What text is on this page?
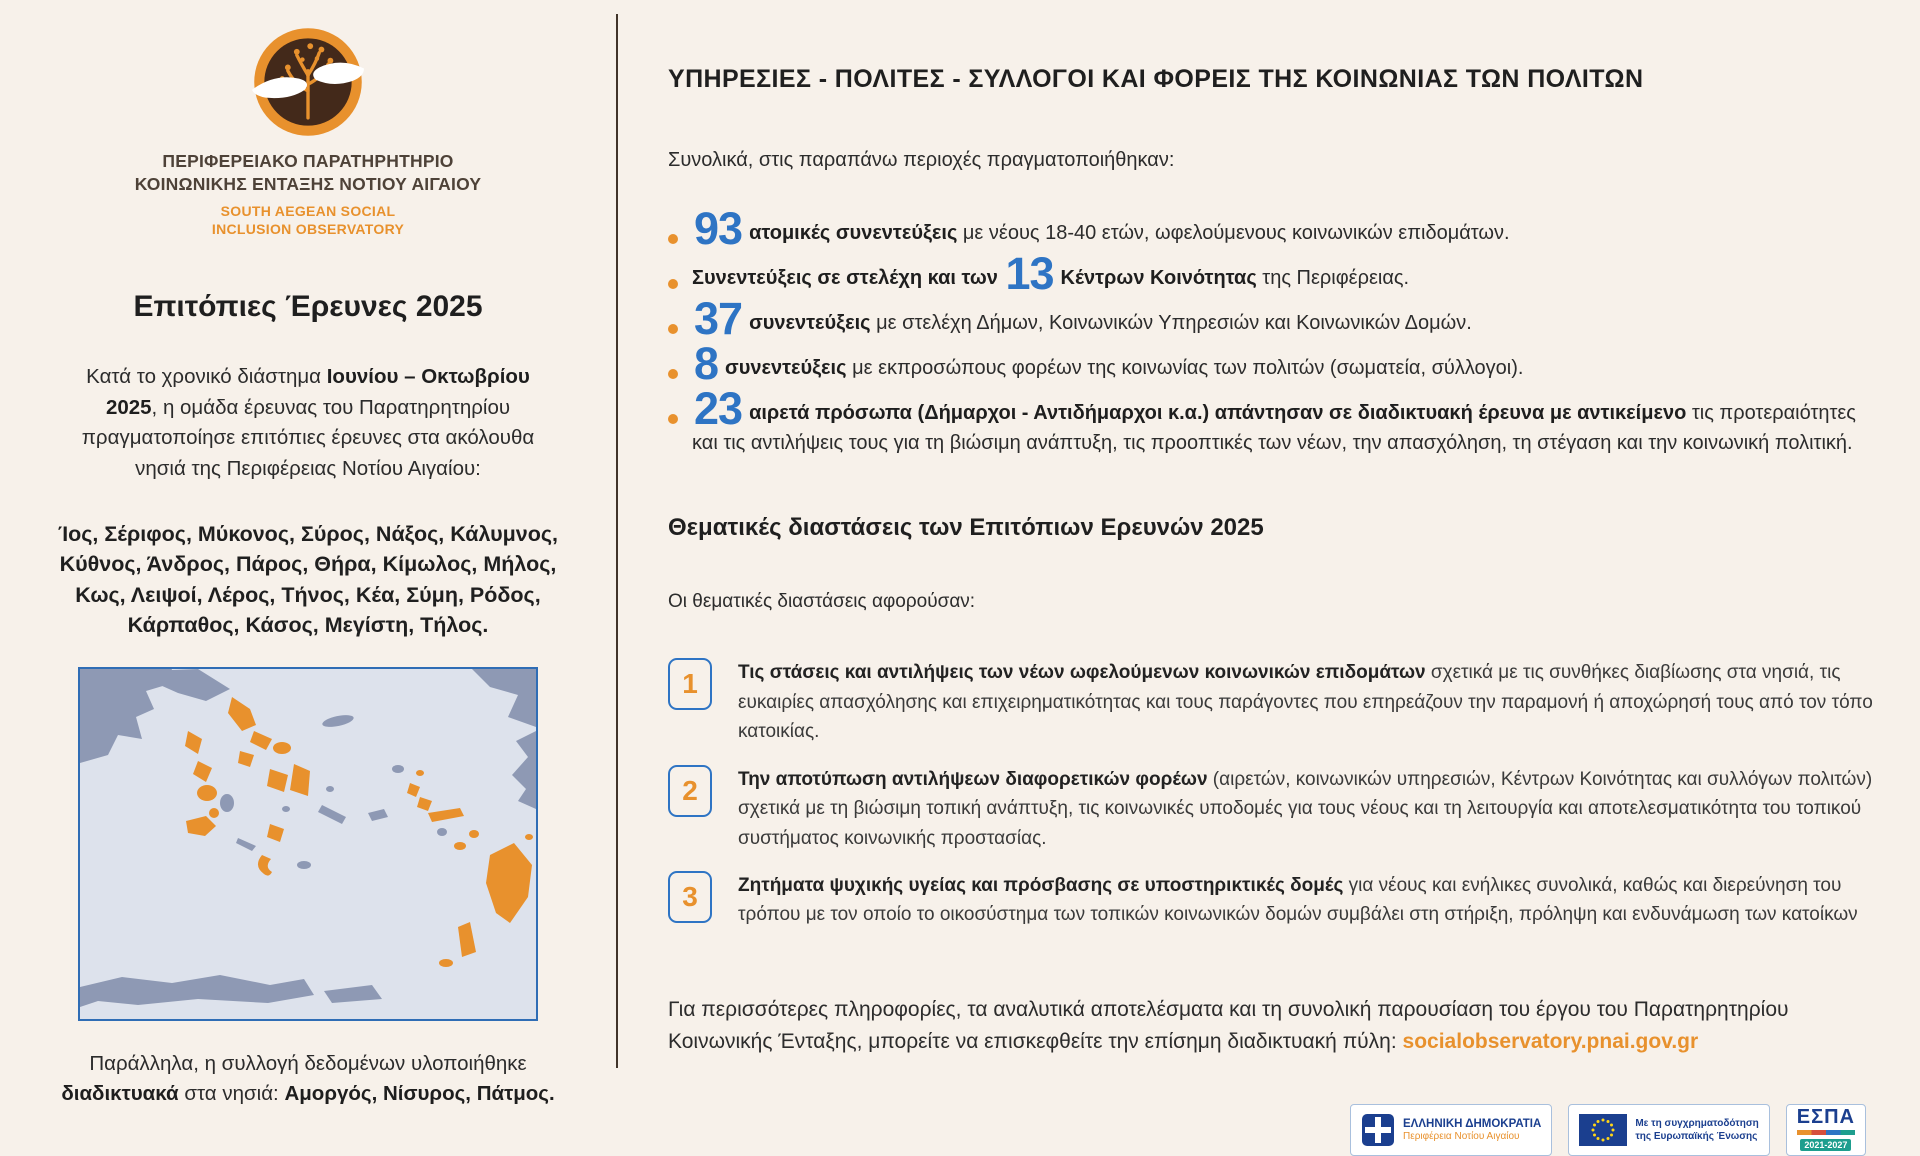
ΠΕΡΙΦΕΡΕΙΑΚΟ ΠΑΡΑΤΗΡΗΤΗΡΙΟ
ΚΟΙΝΩΝΙΚΗΣ ΕΝΤΑΞΗΣ ΝΟΤΙΟΥ ΑΙΓΑΙΟΥ
SOUTH AEGEAN SOCIAL
INCLUSION OBSERVATORY
Επιτόπιες Έρευνες 2025

Κατά το χρονικό διάστημα Ιουνίου – Οκτωβρίου 2025, η ομάδα έρευνας του Παρατηρητηρίου πραγματοποίησε επιτόπιες έρευνες στα ακόλουθα νησιά της Περιφέρειας Νοτίου Αιγαίου:

Ίος, Σέριφος, Μύκονος, Σύρος, Νάξος, Κάλυμνος, Κύθνος, Άνδρος, Πάρος, Θήρα, Κίμωλος, Μήλος, Κως, Λειψοί, Λέρος, Τήνος, Κέα, Σύμη, Ρόδος, Κάρπαθος, Κάσος, Μεγίστη, Τήλος.

Παράλληλα, η συλλογή δεδομένων υλοποιήθηκε διαδικτυακά στα νησιά: Αμοργός, Νίσυρος, Πάτμος.

ΥΠΗΡΕΣΙΕΣ - ΠΟΛΙΤΕΣ - ΣΥΛΛΟΓΟΙ ΚΑΙ ΦΟΡΕΙΣ ΤΗΣ ΚΟΙΝΩΝΙΑΣ ΤΩΝ ΠΟΛΙΤΩΝ

Συνολικά, στις παραπάνω περιοχές πραγματοποιήθηκαν:

93 ατομικές συνεντεύξεις με νέους 18-40 ετών, ωφελούμενους κοινωνικών επιδομάτων.
Συνεντεύξεις σε στελέχη και των 13 Κέντρων Κοινότητας της Περιφέρειας.
37 συνεντεύξεις με στελέχη Δήμων, Κοινωνικών Υπηρεσιών και Κοινωνικών Δομών.
8 συνεντεύξεις με εκπροσώπους φορέων της κοινωνίας των πολιτών (σωματεία, σύλλογοι).
23 αιρετά πρόσωπα (Δήμαρχοι - Αντιδήμαρχοι κ.α.) απάντησαν σε διαδικτυακή έρευνα με αντικείμενο τις προτεραιότητες και τις αντιλήψεις τους για τη βιώσιμη ανάπτυξη, τις προοπτικές των νέων, την απασχόληση, τη στέγαση και την κοινωνική πολιτική.
Θεματικές διαστάσεις των Επιτόπιων Ερευνών 2025

Οι θεματικές διαστάσεις αφορούσαν:

1 Τις στάσεις και αντιλήψεις των νέων ωφελούμενων κοινωνικών επιδομάτων σχετικά με τις συνθήκες διαβίωσης στα νησιά, τις ευκαιρίες απασχόλησης και επιχειρηματικότητας και τους παράγοντες που επηρεάζουν την παραμονή ή αποχώρησή τους από τον τόπο κατοικίας.
2 Την αποτύπωση αντιλήψεων διαφορετικών φορέων (αιρετών, κοινωνικών υπηρεσιών, Κέντρων Κοινότητας και συλλόγων πολιτών) σχετικά με τη βιώσιμη τοπική ανάπτυξη, τις κοινωνικές υποδομές για τους νέους και τη λειτουργία και αποτελεσματικότητα του τοπικού συστήματος κοινωνικής προστασίας.
3 Ζητήματα ψυχικής υγείας και πρόσβασης σε υποστηρικτικές δομές για νέους και ενήλικες συνολικά, καθώς και διερεύνηση του τρόπου με τον οποίο το οικοσύστημα των τοπικών κοινωνικών δομών συμβάλει στη στήριξη, πρόληψη και ενδυνάμωση των κατοίκων

Για περισσότερες πληροφορίες, τα αναλυτικά αποτελέσματα και τη συνολική παρουσίαση του έργου του Παρατηρητηρίου Κοινωνικής Ένταξης, μπορείτε να επισκεφθείτε την επίσημη διαδικτυακή πύλη: socialobservatory.pnai.gov.gr

ΕΛΛΗΝΙΚΗ ΔΗΜΟΚΡΑΤΙΑ
Περιφέρεια Νοτίου Αιγαίου
Με τη συγχρηματοδότηση
της Ευρωπαϊκής Ένωσης
ΕΣΠΑ
2021-2027
